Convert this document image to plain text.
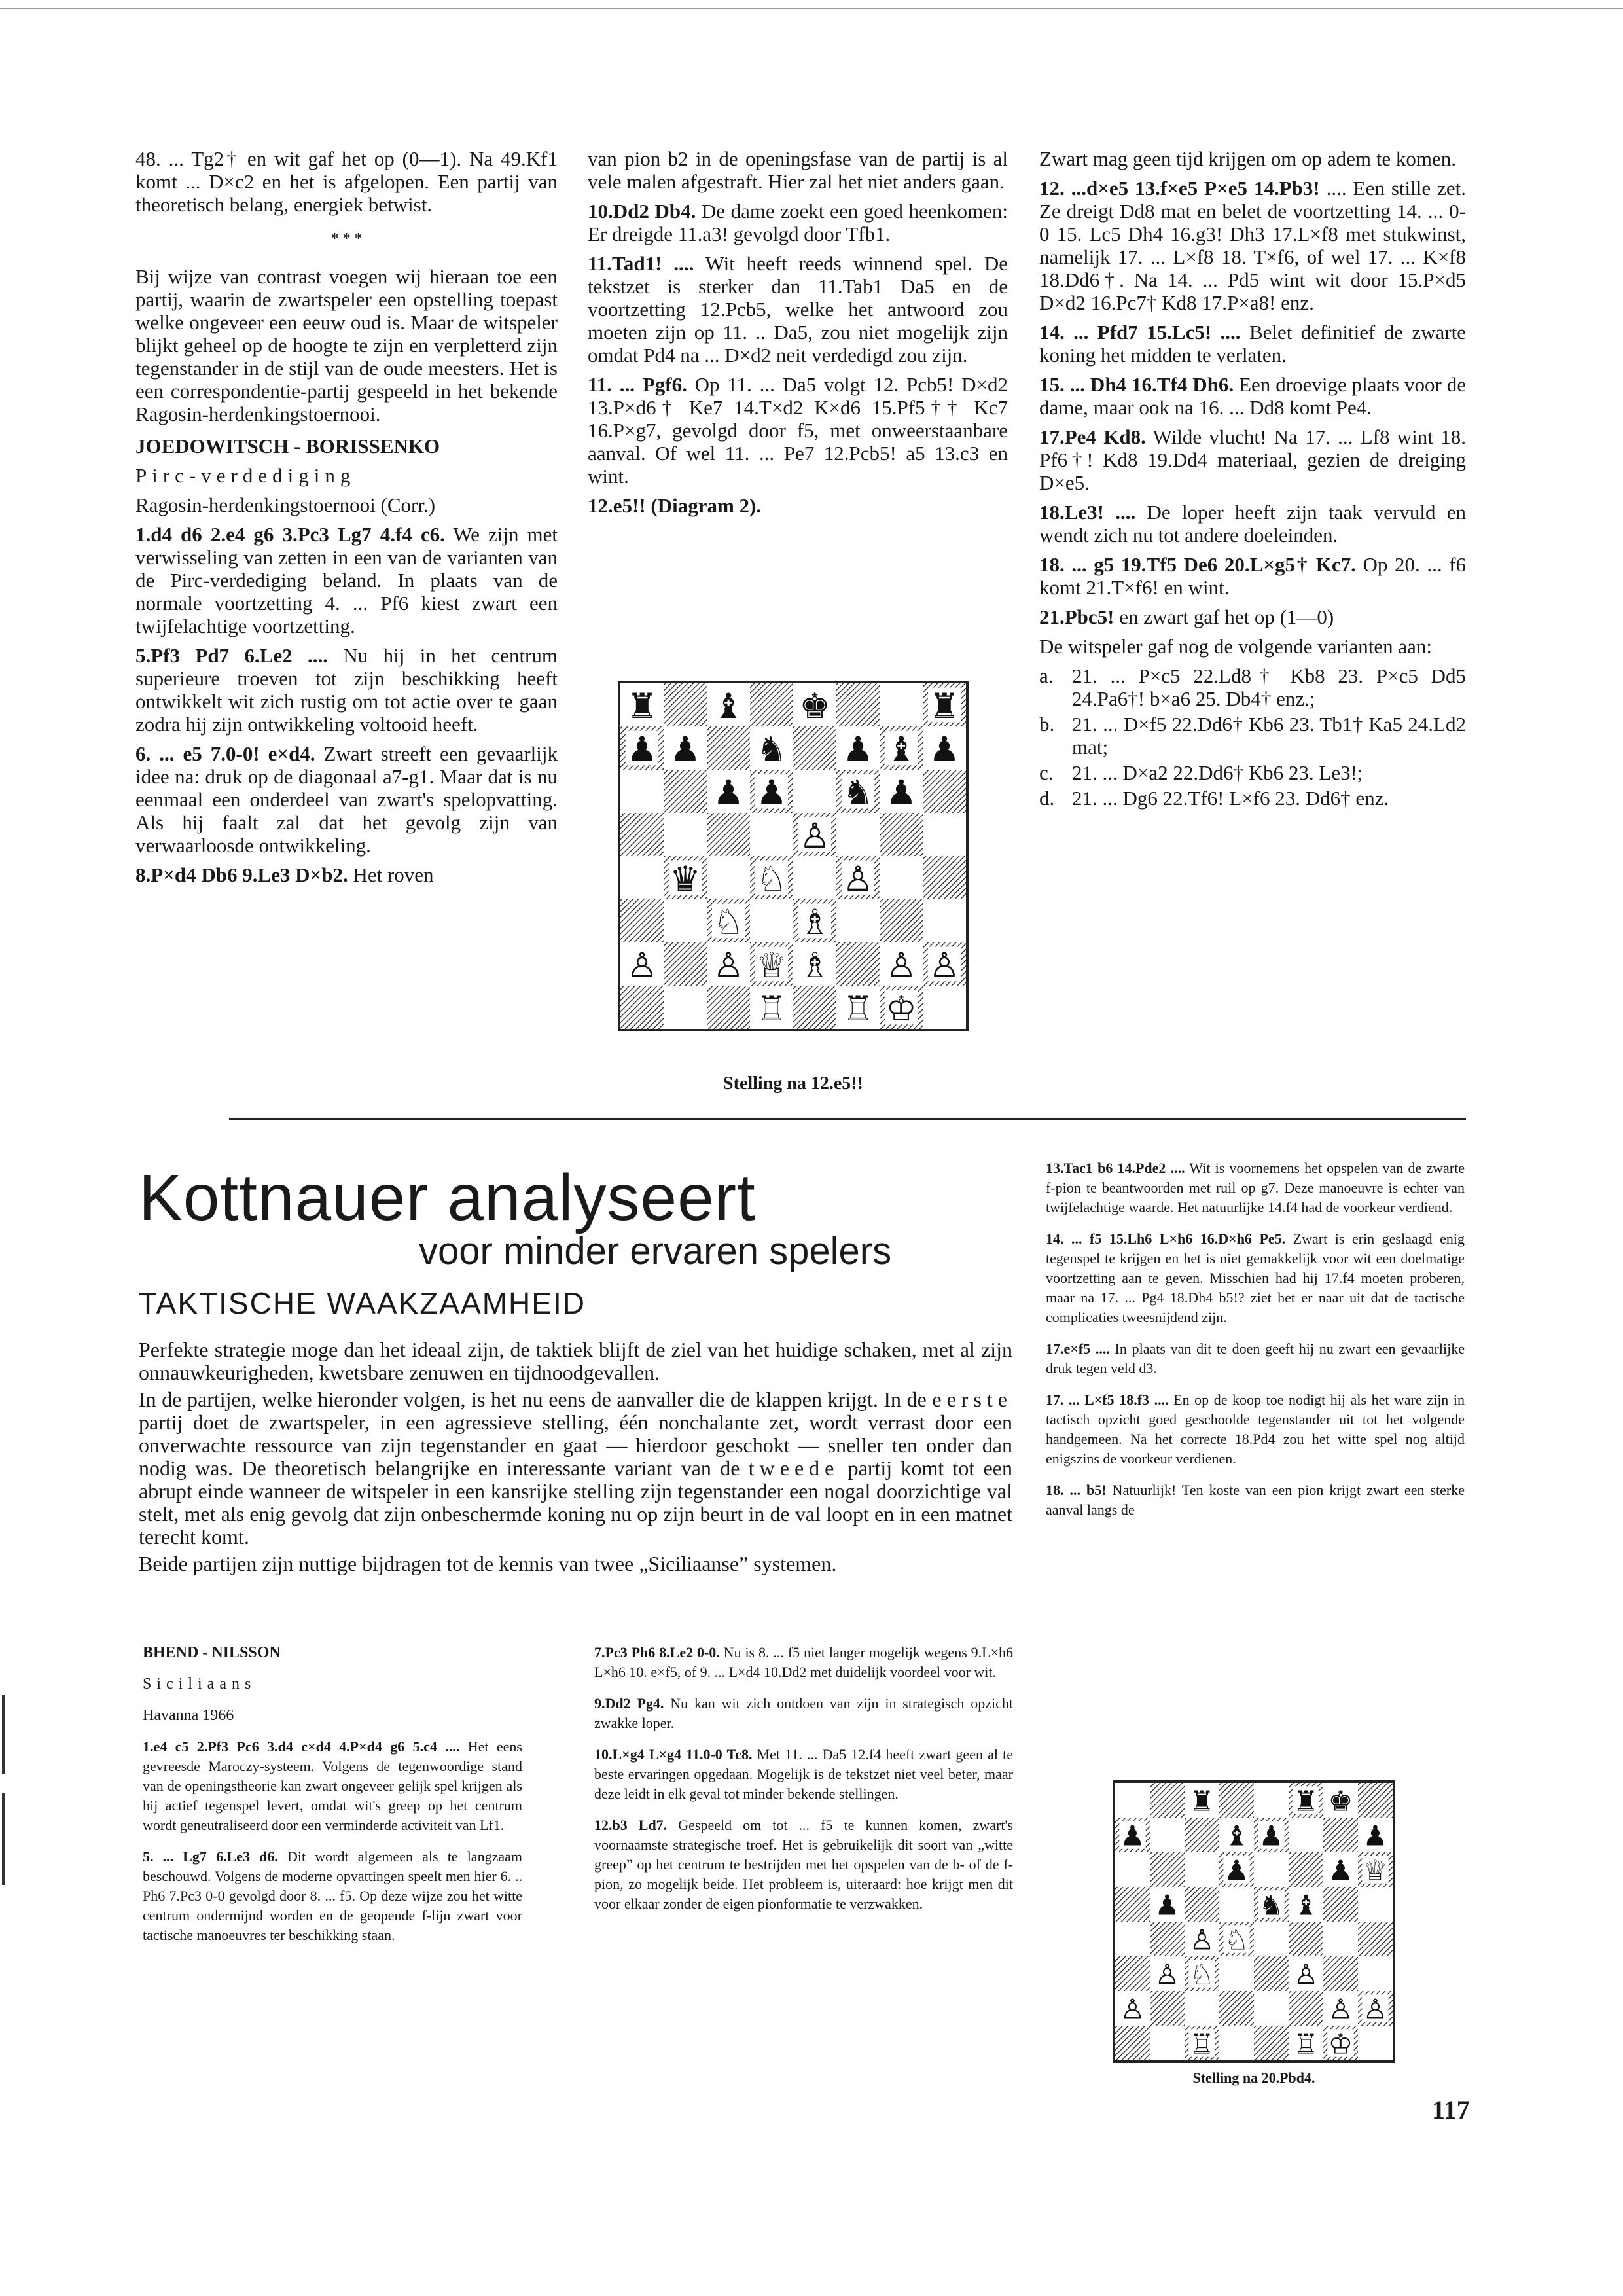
48. ... Tg2† en wit gaf het op (0—1). Na 49.Kf1 komt ... D×c2 en het is afgelopen. Een partij van theoretisch belang, energiek betwist.

* * *

Bij wijze van contrast voegen wij hieraan toe een partij, waarin de zwartspeler een opstelling toepast welke ongeveer een eeuw oud is. Maar de witspeler blijkt geheel op de hoogte te zijn en verpletterd zijn tegenstander in de stijl van de oude meesters. Het is een correspondentie-partij gespeeld in het bekende Ragosin-herdenkingstoernooi.

JOEDOWITSCH - BORISSENKO

Pirc-verdediging

Ragosin-herdenkingstoernooi (Corr.)

1.d4 d6 2.e4 g6 3.Pc3 Lg7 4.f4 c6. We zijn met verwisseling van zetten in een van de varianten van de Pirc-verdediging beland. In plaats van de normale voortzetting 4. ... Pf6 kiest zwart een twijfelachtige voortzetting.

5.Pf3 Pd7 6.Le2 .... Nu hij in het centrum superieure troeven tot zijn beschikking heeft ontwikkelt wit zich rustig om tot actie over te gaan zodra hij zijn ontwikkeling voltooid heeft.

6. ... e5 7.0-0! e×d4. Zwart streeft een gevaarlijk idee na: druk op de diagonaal a7-g1. Maar dat is nu eenmaal een onderdeel van zwart's spelopvatting. Als hij faalt zal dat het gevolg zijn van verwaarloosde ontwikkeling.

8.P×d4 Db6 9.Le3 D×b2. Het roven

van pion b2 in de openingsfase van de partij is al vele malen afgestraft. Hier zal het niet anders gaan.

10.Dd2 Db4. De dame zoekt een goed heenkomen: Er dreigde 11.a3! gevolgd door Tfb1.

11.Tad1! .... Wit heeft reeds winnend spel. De tekstzet is sterker dan 11.Tab1 Da5 en de voortzetting 12.Pcb5, welke het antwoord zou moeten zijn op 11. .. Da5, zou niet mogelijk zijn omdat Pd4 na ... D×d2 neit verdedigd zou zijn.

11. ... Pgf6. Op 11. ... Da5 volgt 12. Pcb5! D×d2 13.P×d6† Ke7 14.T×d2 K×d6 15.Pf5†† Kc7 16.P×g7, gevolgd door f5, met onweerstaanbare aanval. Of wel 11. ... Pe7 12.Pcb5! a5 13.c3 en wint.

12.e5!! (Diagram 2).

♜ ♝ ♚	♜
♟ ♟ ♞ ♟ ♝ ♟
♟ ♟ ♞ ♟
♙
♛ ♘ ♙
♘ ♗
♙ ♙ ♕ ♗ ♙ ♙
♖ ♖ ♔
Stelling na 12.e5!!

Zwart mag geen tijd krijgen om op adem te komen.

12. ...d×e5 13.f×e5 P×e5 14.Pb3! .... Een stille zet. Ze dreigt Dd8 mat en belet de voortzetting 14. ... 0-0 15. Lc5 Dh4 16.g3! Dh3 17.L×f8 met stukwinst, namelijk 17. ... L×f8 18. T×f6, of wel 17. ... K×f8 18.Dd6†. Na 14. ... Pd5 wint wit door 15.P×d5 D×d2 16.Pc7† Kd8 17.P×a8! enz.

14. ... Pfd7 15.Lc5! .... Belet definitief de zwarte koning het midden te verlaten.

15. ... Dh4 16.Tf4 Dh6. Een droevige plaats voor de dame, maar ook na 16. ... Dd8 komt Pe4.

17.Pe4 Kd8. Wilde vlucht! Na 17. ... Lf8 wint 18. Pf6†! Kd8 19.Dd4 materiaal, gezien de dreiging D×e5.

18.Le3! .... De loper heeft zijn taak vervuld en wendt zich nu tot andere doeleinden.

18. ... g5 19.Tf5 De6 20.L×g5† Kc7. Op 20. ... f6 komt 21.T×f6! en wint.

21.Pbc5! en zwart gaf het op (1—0)

De witspeler gaf nog de volgende varianten aan:

a. 21. ... P×c5 22.Ld8† Kb8 23. P×c5 Dd5 24.Pa6†! b×a6 25. Db4† enz.;
b. 21. ... D×f5 22.Dd6† Kb6 23. Tb1† Ka5 24.Ld2 mat;
c. 21. ... D×a2 22.Dd6† Kb6 23. Le3!;
d. 21. ... Dg6 22.Tf6! L×f6 23. Dd6† enz.
Kottnauer analyseert
voor minder ervaren spelers
TAKTISCHE WAAKZAAMHEID

Perfekte strategie moge dan het ideaal zijn, de taktiek blijft de ziel van het huidige schaken, met al zijn onnauwkeurigheden, kwetsbare zenuwen en tijdnoodgevallen.

In de partijen, welke hieronder volgen, is het nu eens de aanvaller die de klappen krijgt. In de eerste partij doet de zwartspeler, in een agressieve stelling, één nonchalante zet, wordt verrast door een onverwachte ressource van zijn tegenstander en gaat — hierdoor geschokt — sneller ten onder dan nodig was. De theoretisch belangrijke en interessante variant van de tweede partij komt tot een abrupt einde wanneer de witspeler in een kansrijke stelling zijn tegenstander een nogal doorzichtige val stelt, met als enig gevolg dat zijn onbeschermde koning nu op zijn beurt in de val loopt en in een matnet terecht komt.

Beide partijen zijn nuttige bijdragen tot de kennis van twee „Siciliaanse” systemen.

BHEND - NILSSON

Siciliaans

Havanna 1966

1.e4 c5 2.Pf3 Pc6 3.d4 c×d4 4.P×d4 g6 5.c4 .... Het eens gevreesde Maroczy-systeem. Volgens de tegenwoordige stand van de openingstheorie kan zwart ongeveer gelijk spel krijgen als hij actief tegenspel levert, omdat wit's greep op het centrum wordt geneutraliseerd door een verminderde activiteit van Lf1.

5. ... Lg7 6.Le3 d6. Dit wordt algemeen als te langzaam beschouwd. Volgens de moderne opvattingen speelt men hier 6. .. Ph6 7.Pc3 0-0 gevolgd door 8. ... f5. Op deze wijze zou het witte centrum ondermijnd worden en de geopende f-lijn zwart voor tactische manoeuvres ter beschikking staan.

7.Pc3 Ph6 8.Le2 0-0. Nu is 8. ... f5 niet langer mogelijk wegens 9.L×h6 L×h6 10. e×f5, of 9. ... L×d4 10.Dd2 met duidelijk voordeel voor wit.

9.Dd2 Pg4. Nu kan wit zich ontdoen van zijn in strategisch opzicht zwakke loper.

10.L×g4 L×g4 11.0-0 Tc8. Met 11. ... Da5 12.f4 heeft zwart geen al te beste ervaringen opgedaan. Mogelijk is de tekstzet niet veel beter, maar deze leidt in elk geval tot minder bekende stellingen.

12.b3 Ld7. Gespeeld om tot ... f5 te kunnen komen, zwart's voornaamste strategische troef. Het is gebruikelijk dit soort van „witte greep” op het centrum te bestrijden met het opspelen van de b- of de f-pion, zo mogelijk beide. Het probleem is, uiteraard: hoe krijgt men dit voor elkaar zonder de eigen pionformatie te verzwakken.

13.Tac1 b6 14.Pde2 .... Wit is voornemens het opspelen van de zwarte f-pion te beantwoorden met ruil op g7. Deze manoeuvre is echter van twijfelachtige waarde. Het natuurlijke 14.f4 had de voorkeur verdiend.

14. ... f5 15.Lh6 L×h6 16.D×h6 Pe5. Zwart is erin geslaagd enig tegenspel te krijgen en het is niet gemakkelijk voor wit een doelmatige voortzetting aan te geven. Misschien had hij 17.f4 moeten proberen, maar na 17. ... Pg4 18.Dh4 b5!? ziet het er naar uit dat de tactische complicaties tweesnijdend zijn.

17.e×f5 .... In plaats van dit te doen geeft hij nu zwart een gevaarlijke druk tegen veld d3.

17. ... L×f5 18.f3 .... En op de koop toe nodigt hij als het ware zijn in tactisch opzicht goed geschoolde tegenstander uit tot het volgende handgemeen. Na het correcte 18.Pd4 zou het witte spel nog altijd enigszins de voorkeur verdienen.

18. ... b5! Natuurlijk! Ten koste van een pion krijgt zwart een sterke aanval langs de

♜	♜ ♚
♟	♝ ♟	♟
♟	♟
♟	♞ ♝
♙ ♘
♙ ♘	♙
♙	♙ ♙
♖	♖ ♔
♕
Stelling na 20.Pbd4.
117
